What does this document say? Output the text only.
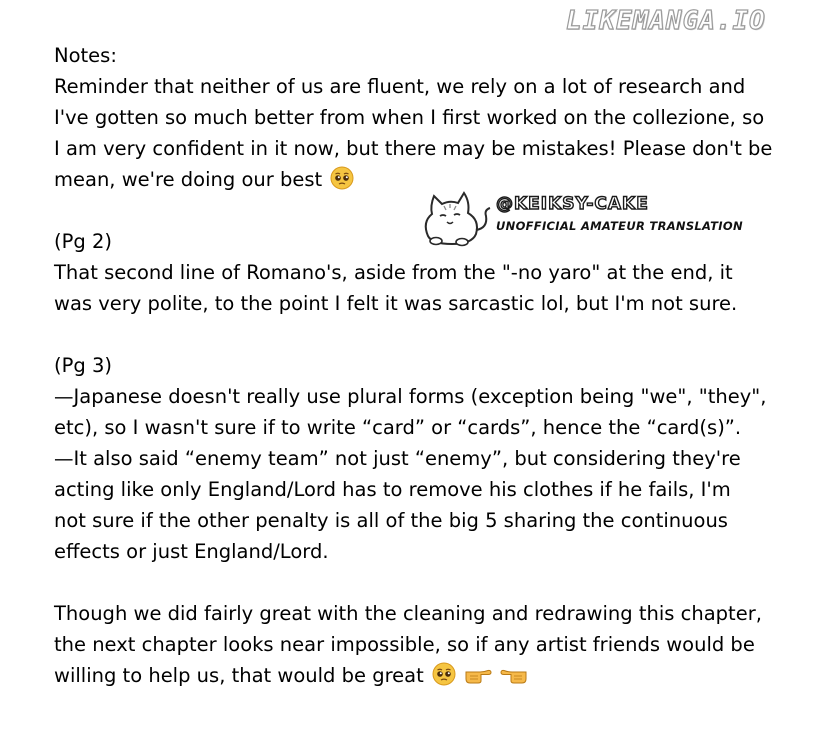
LIKEMANGA.IO
Notes:
Reminder that neither of us are fluent, we rely on a lot of research and
I've gotten so much better from when I first worked on the collezione, so
I am very confident in it now, but there may be mistakes! Please don't be
mean, we're doing our best
(Pg 2)
That second line of Romano's, aside from the "-no yaro" at the end, it
was very polite, to the point I felt it was sarcastic lol, but I'm not sure.
(Pg 3)
—Japanese doesn't really use plural forms (exception being "we", "they",
etc), so I wasn't sure if to write “card” or “cards”, hence the “card(s)”.
—It also said “enemy team” not just “enemy”, but considering they're
acting like only England/Lord has to remove his clothes if he fails, I'm
not sure if the other penalty is all of the big 5 sharing the continuous
effects or just England/Lord.
Though we did fairly great with the cleaning and redrawing this chapter,
the next chapter looks near impossible, so if any artist friends would be
willing to help us, that would be great
@KEIKSY-CAKE
UNOFFICIAL AMATEUR TRANSLATION
